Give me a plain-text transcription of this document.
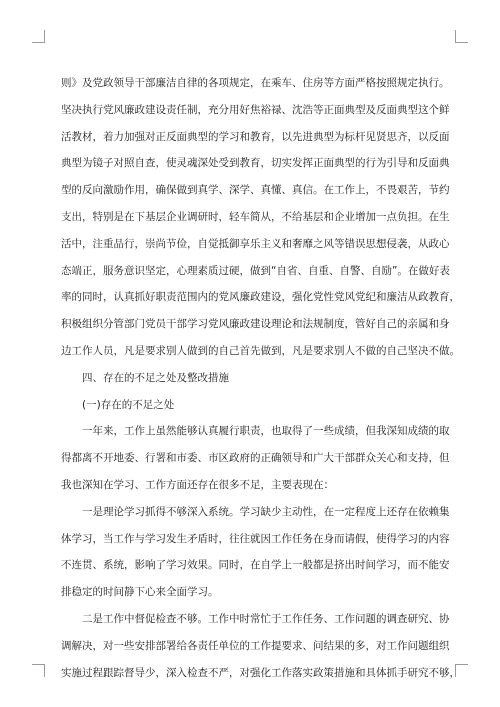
则》及党政领导干部廉洁自律的各项规定，在乘车、住房等方面严格按照规定执行。
坚决执行党风廉政建设责任制，充分用好焦裕禄、沈浩等正面典型及反面典型这个鲜
活教材，着力加强对正反面典型的学习和教育，以先进典型为标杆见贤思齐，以反面
典型为镜子对照自查，使灵魂深处受到教育，切实发挥正面典型的行为引导和反面典
型的反向激励作用，确保做到真学、深学、真懂、真信。在工作上，不畏艰苦，节约
支出，特别是在下基层企业调研时，轻车简从，不给基层和企业增加一点负担。在生
活中，注重品行，崇尚节俭，自觉抵御享乐主义和奢靡之风等错误思想侵袭，从政心
态端正，服务意识坚定，心理素质过硬，做到“自省、自重、自警、自励”。在做好表
率的同时，认真抓好职责范围内的党风廉政建设，强化党性党风党纪和廉洁从政教育，
积极组织分管部门党员干部学习党风廉政建设理论和法规制度，管好自己的亲属和身
边工作人员，凡是要求别人做到的自己首先做到，凡是要求别人不做的自己坚决不做。

四、存在的不足之处及整改措施

(一)存在的不足之处

一年来，工作上虽然能够认真履行职责，也取得了一些成绩，但我深知成绩的取
得都离不开地委、行署和市委、市区政府的正确领导和广大干部群众关心和支持，但
我也深知在学习、工作方面还存在很多不足，主要表现在：

一是理论学习抓得不够深入系统。学习缺少主动性，在一定程度上还存在依赖集
体学习，当工作与学习发生矛盾时，往往就因工作任务在身而请假，使得学习的内容
不连贯、系统，影响了学习效果。同时，在自学上一般都是挤出时间学习，而不能安
排稳定的时间静下心来全面学习。

二是工作中督促检查不够。工作中时常忙于工作任务、工作问题的调查研究、协
调解决，对一些安排部署给各责任单位的工作提要求、问结果的多，对工作问题组织
实施过程跟踪督导少，深入检查不严，对强化工作落实政策措施和具体抓手研究不够，
